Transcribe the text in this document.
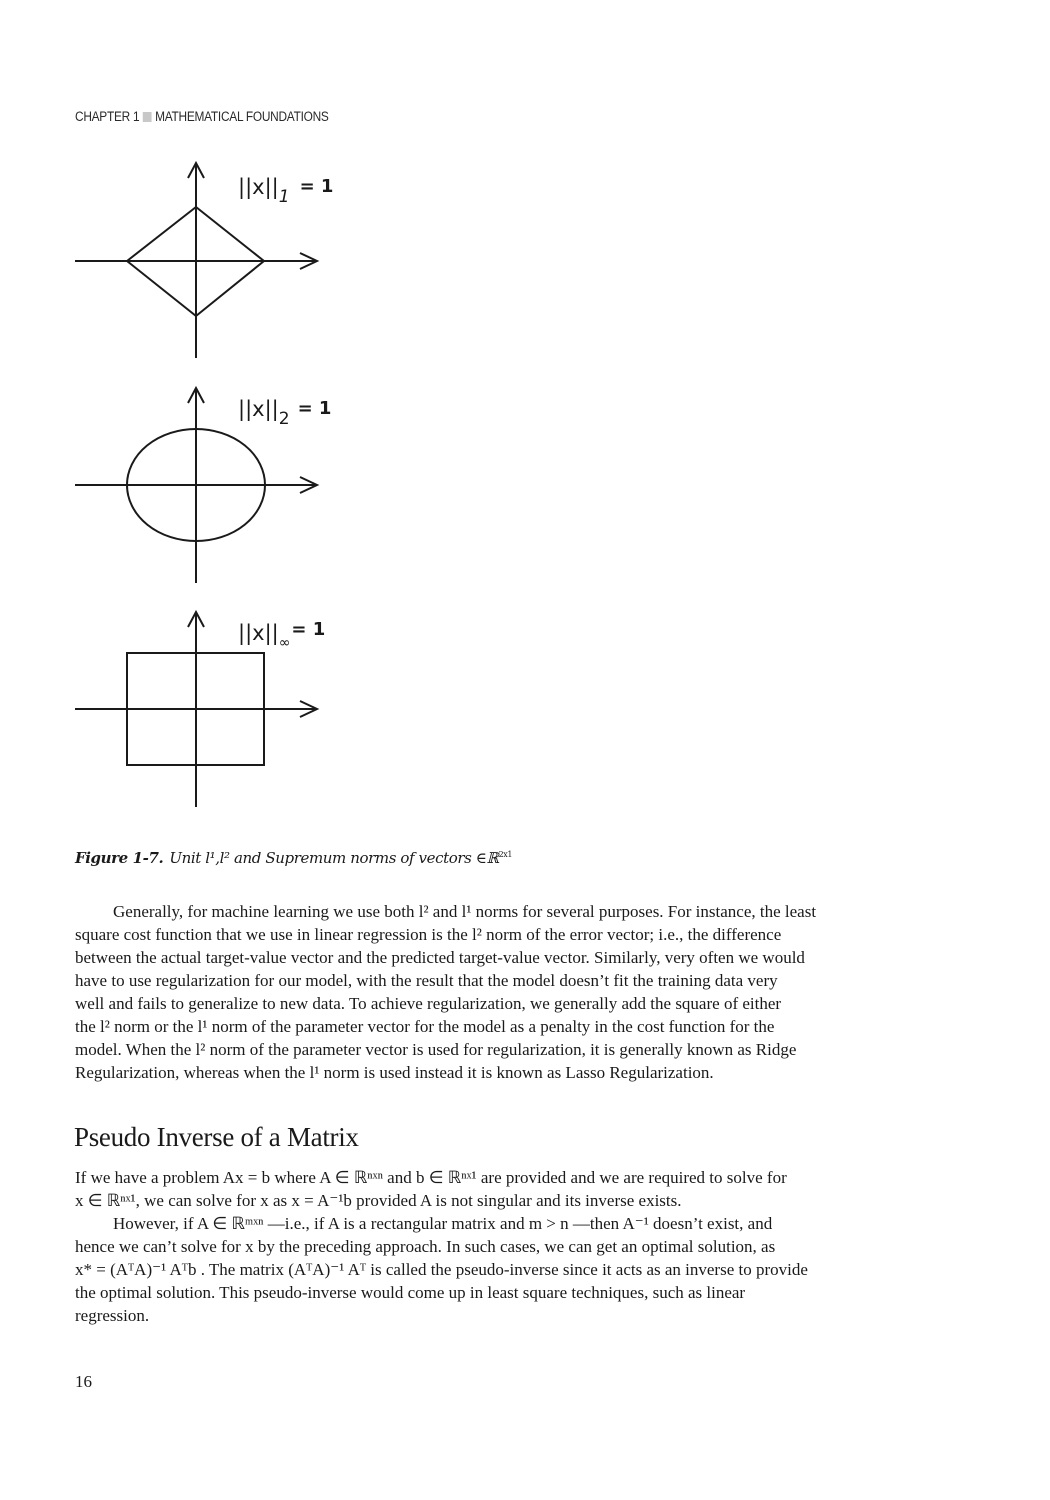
CHAPTER 1 MATHEMATICAL FOUNDATIONS
$||x||_1 = 1$
$||x||_2 = 1$
$||x||_\infty= 1$
Figure 1-7. Unit l¹,l² and Supremum norms of vectors ∈ℝ$^{2x1}$
Generally, for machine learning we use both l² and l¹ norms for several purposes. For instance, the least
square cost function that we use in linear regression is the l² norm of the error vector; i.e., the difference
between the actual target-value vector and the predicted target-value vector. Similarly, very often we would
have to use regularization for our model, with the result that the model doesn’t fit the training data very
well and fails to generalize to new data. To achieve regularization, we generally add the square of either
the l² norm or the l¹ norm of the parameter vector for the model as a penalty in the cost function for the
model. When the l² norm of the parameter vector is used for regularization, it is generally known as Ridge
Regularization, whereas when the l¹ norm is used instead it is known as Lasso Regularization.
Pseudo Inverse of a Matrix
If we have a problem Ax = b where A ∈ ℝⁿˣⁿ and b ∈ ℝⁿˣ¹ are provided and we are required to solve for
x ∈ ℝⁿˣ¹, we can solve for x as x = A⁻¹b provided A is not singular and its inverse exists.
However, if A ∈ ℝᵐˣⁿ —i.e., if A is a rectangular matrix and m > n —then A⁻¹ doesn’t exist, and
hence we can’t solve for x by the preceding approach. In such cases, we can get an optimal solution, as
x* = (AᵀA)⁻¹ Aᵀb . The matrix (AᵀA)⁻¹ Aᵀ is called the pseudo-inverse since it acts as an inverse to provide
the optimal solution. This pseudo-inverse would come up in least square techniques, such as linear
regression.
16
